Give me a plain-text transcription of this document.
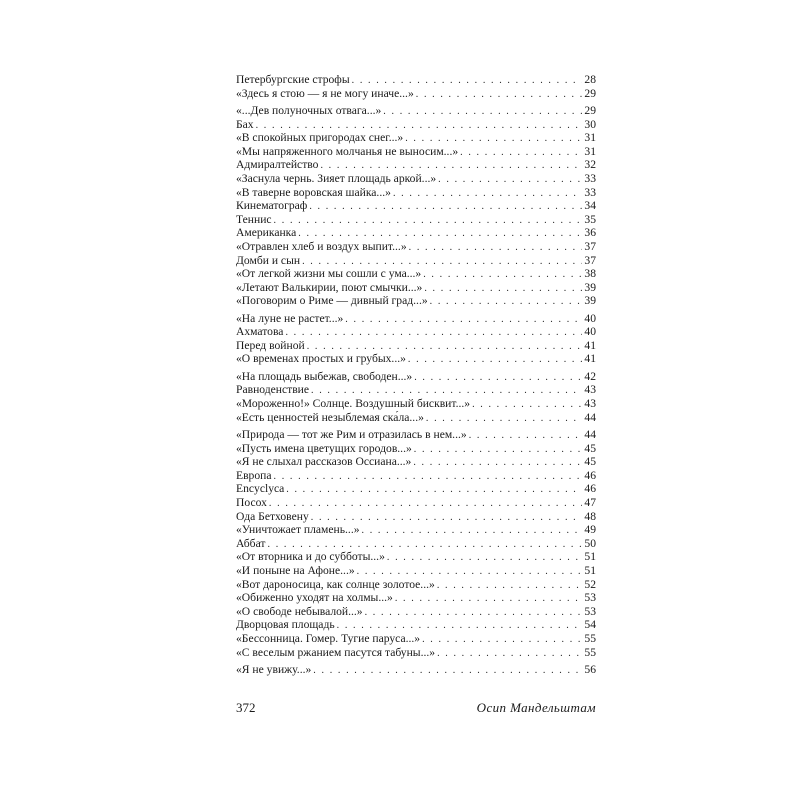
Петербургские строфы . . .	28
«Здесь я стою — я не могу иначе...» . . .	29
«...Дев полуночных отвага...» . . .	29
Бах . . .	30
«В спокойных пригородах снег...» . . .	31
«Мы напряженного молчанья не выносим...» . . .	31
Адмиралтейство . . .	32
«Заснула чернь. Зияет площадь аркой...» . . .	33
«В таверне воровская шайка...» . . .	33
Кинематограф . . .	34
Теннис . . .	35
Американка . . .	36
«Отравлен хлеб и воздух выпит...» . . .	37
Домби и сын . . .	37
«От легкой жизни мы сошли с ума...» . . .	38
«Летают Валькирии, поют смычки...» . . .	39
«Поговорим о Риме — дивный град...» . . .	39
«На луне не растет...» . . .	40
Ахматова . . .	40
Перед войной . . .	41
«О временах простых и грубых...» . . .	41
«На площадь выбежав, свободен...» . . .	42
Равноденствие . . .	43
«Мороженно!» Солнце. Воздушный бисквит...» . . .	43
«Есть ценностей незыблемая ска́ла...» . . .	44
«Природа — тот же Рим и отразилась в нем...» . . .	44
«Пусть имена цветущих городов...» . . .	45
«Я не слыхал рассказов Оссиана...» . . .	45
Европа . . .	46
Encyclyca . . .	46
Посох . . .	47
Ода Бетховену . . .	48
«Уничтожает пламень...» . . .	49
Аббат . . .	50
«От вторника и до субботы...» . . .	51
«И поныне на Афоне...» . . .	51
«Вот дароносица, как солнце золотое...» . . .	52
«Обиженно уходят на холмы...» . . .	53
«О свободе небывалой...» . . .	53
Дворцовая площадь . . .	54
«Бессонница. Гомер. Тугие паруса...» . . .	55
«С веселым ржанием пасутся табуны...» . . .	55
«Я не увижу...» . . .	56
372	Осип Мандельштам
